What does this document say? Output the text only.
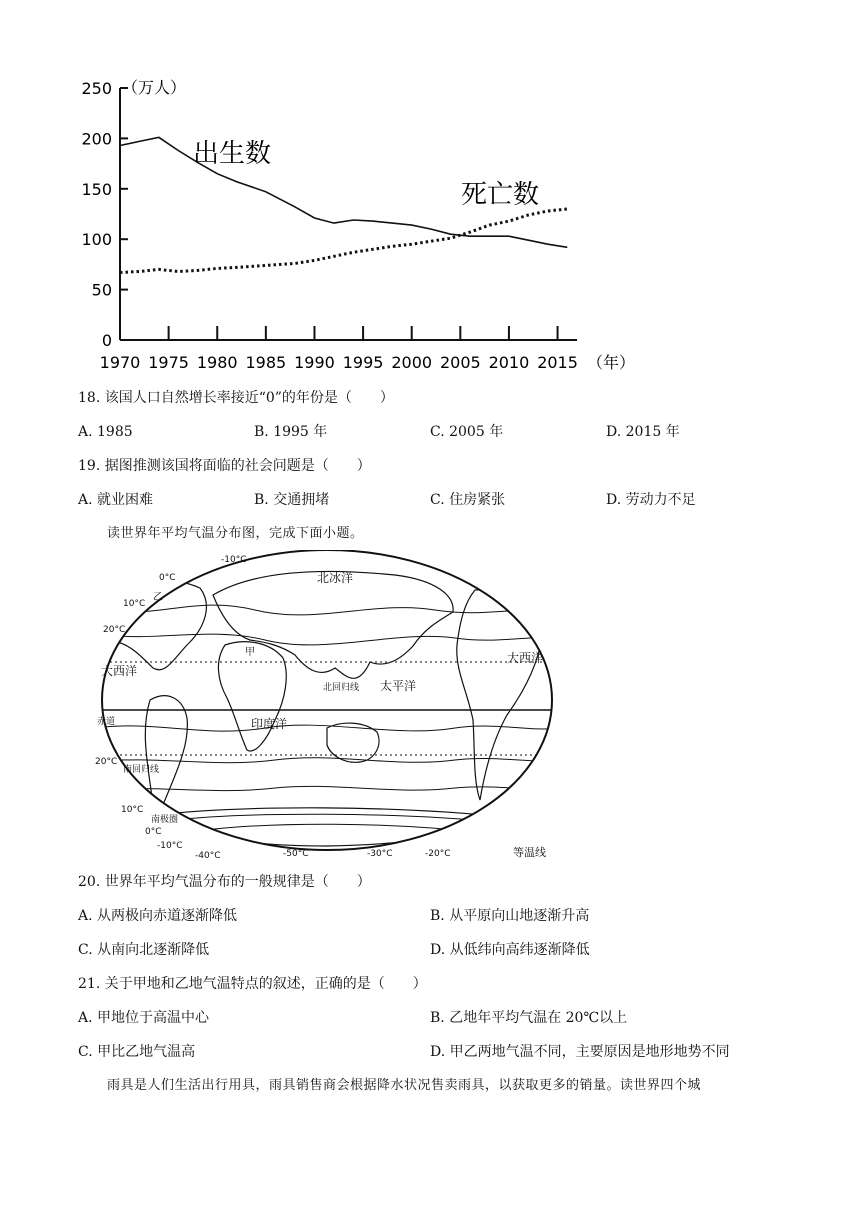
0
50
100
150
200
250
1970 1975 1980 1985 1990 1995 2000 2005 2010 2015
（万人）
（年）
出生数
死亡数
18. 该国人口自然增长率接近“0”的年份是（　　）
A. 1985	B. 1995 年	C. 2005 年	D. 2015 年
19. 据图推测该国将面临的社会问题是（　　）
A. 就业困难	B. 交通拥堵	C. 住房紧张	D. 劳动力不足
读世界年平均气温分布图，完成下面小题。
北冰洋
大西洋
大西洋
太平洋
印度洋
赤道
北回归线
南回归线
南极圈
甲
乙
等温线
-10°C
0°C
10°C
20°C
20°C
10°C
0°C
-10°C
-40°C	-50°C	-30°C	-20°C
20. 世界年平均气温分布的一般规律是（　　）
A. 从两极向赤道逐渐降低	B. 从平原向山地逐渐升高
C. 从南向北逐渐降低	D. 从低纬向高纬逐渐降低
21. 关于甲地和乙地气温特点的叙述，正确的是（　　）
A. 甲地位于高温中心	B. 乙地年平均气温在 20℃以上
C. 甲比乙地气温高	D. 甲乙两地气温不同，主要原因是地形地势不同
雨具是人们生活出行用具，雨具销售商会根据降水状况售卖雨具，以获取更多的销量。读世界四个城
